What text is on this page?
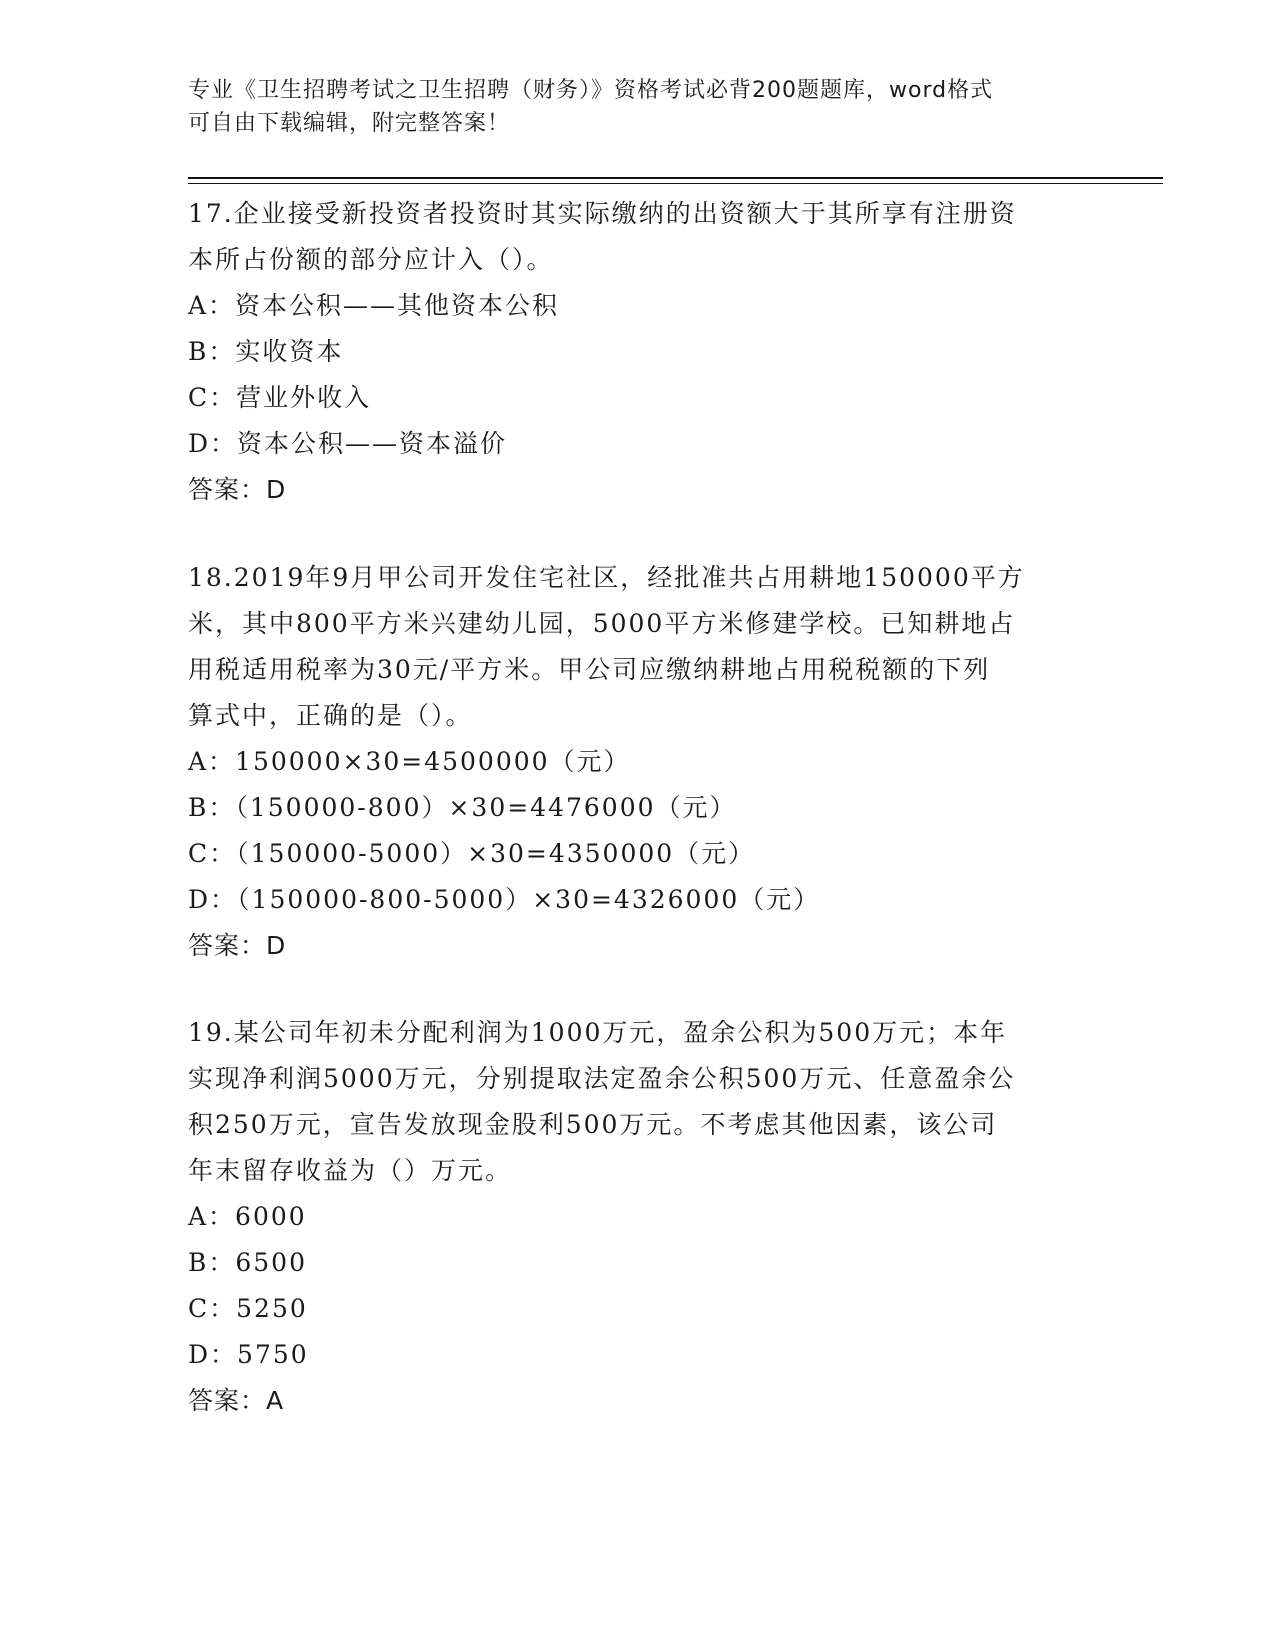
专业《卫生招聘考试之卫生招聘（财务）》资格考试必背200题题库，word格式

可自由下载编辑，附完整答案！

17.企业接受新投资者投资时其实际缴纳的出资额大于其所享有注册资

本所占份额的部分应计入（）。

A：资本公积——其他资本公积

B：实收资本

C：营业外收入

D：资本公积——资本溢价

答案：D

18.2019年9月甲公司开发住宅社区，经批准共占用耕地150000平方

米，其中800平方米兴建幼儿园，5000平方米修建学校。已知耕地占

用税适用税率为30元/平方米。甲公司应缴纳耕地占用税税额的下列

算式中，正确的是（）。

A：150000×30=4500000（元）

B：（150000-800）×30=4476000（元）

C：（150000-5000）×30=4350000（元）

D：（150000-800-5000）×30=4326000（元）

答案：D

19.某公司年初未分配利润为1000万元，盈余公积为500万元；本年

实现净利润5000万元，分别提取法定盈余公积500万元、任意盈余公

积250万元，宣告发放现金股利500万元。不考虑其他因素，该公司

年末留存收益为（）万元。

A：6000

B：6500

C：5250

D：5750

答案：A
